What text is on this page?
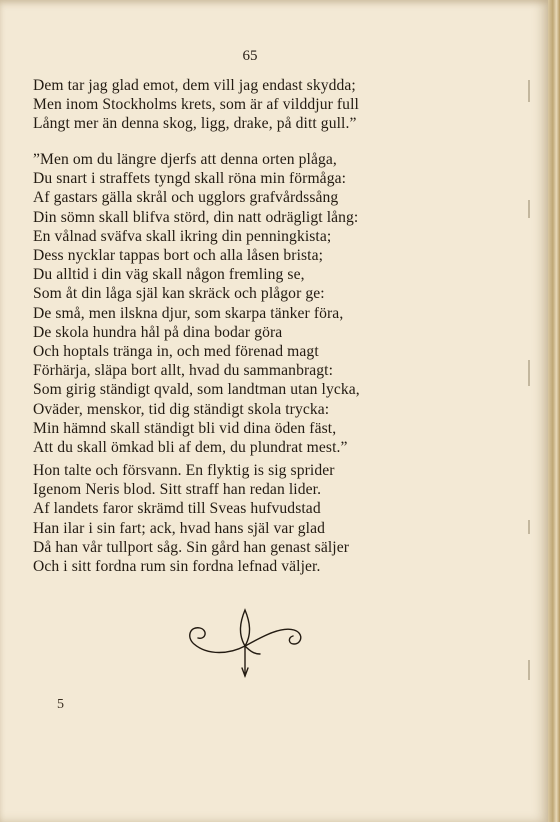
65
Dem tar jag glad emot, dem vill jag endast skydda;
Men inom Stockholms krets, som är af vilddjur full
Långt mer än denna skog, ligg, drake, på ditt gull.”
”Men om du längre djerfs att denna orten plåga,
Du snart i straffets tyngd skall röna min förmåga:
Af gastars gälla skrål och ugglors grafvårdssång
Din sömn skall blifva störd, din natt odrägligt lång:
En vålnad sväfva skall ikring din penningkista;
Dess nycklar tappas bort och alla låsen brista;
Du alltid i din väg skall någon fremling se,
Som åt din låga själ kan skräck och plågor ge:
De små, men ilskna djur, som skarpa tänker föra,
De skola hundra hål på dina bodar göra
Och hoptals tränga in, och med förenad magt
Förhärja, släpa bort allt, hvad du sammanbragt:
Som girig ständigt qvald, som landtman utan lycka,
Oväder, menskor, tid dig ständigt skola trycka:
Min hämnd skall ständigt bli vid dina öden fäst,
Att du skall ömkad bli af dem, du plundrat mest.”
Hon talte och försvann. En flyktig is sig sprider
Igenom Neris blod. Sitt straff han redan lider.
Af landets faror skrämd till Sveas hufvudstad
Han ilar i sin fart; ack, hvad hans själ var glad
Då han vår tullport såg. Sin gård han genast säljer
Och i sitt fordna rum sin fordna lefnad väljer.
5
